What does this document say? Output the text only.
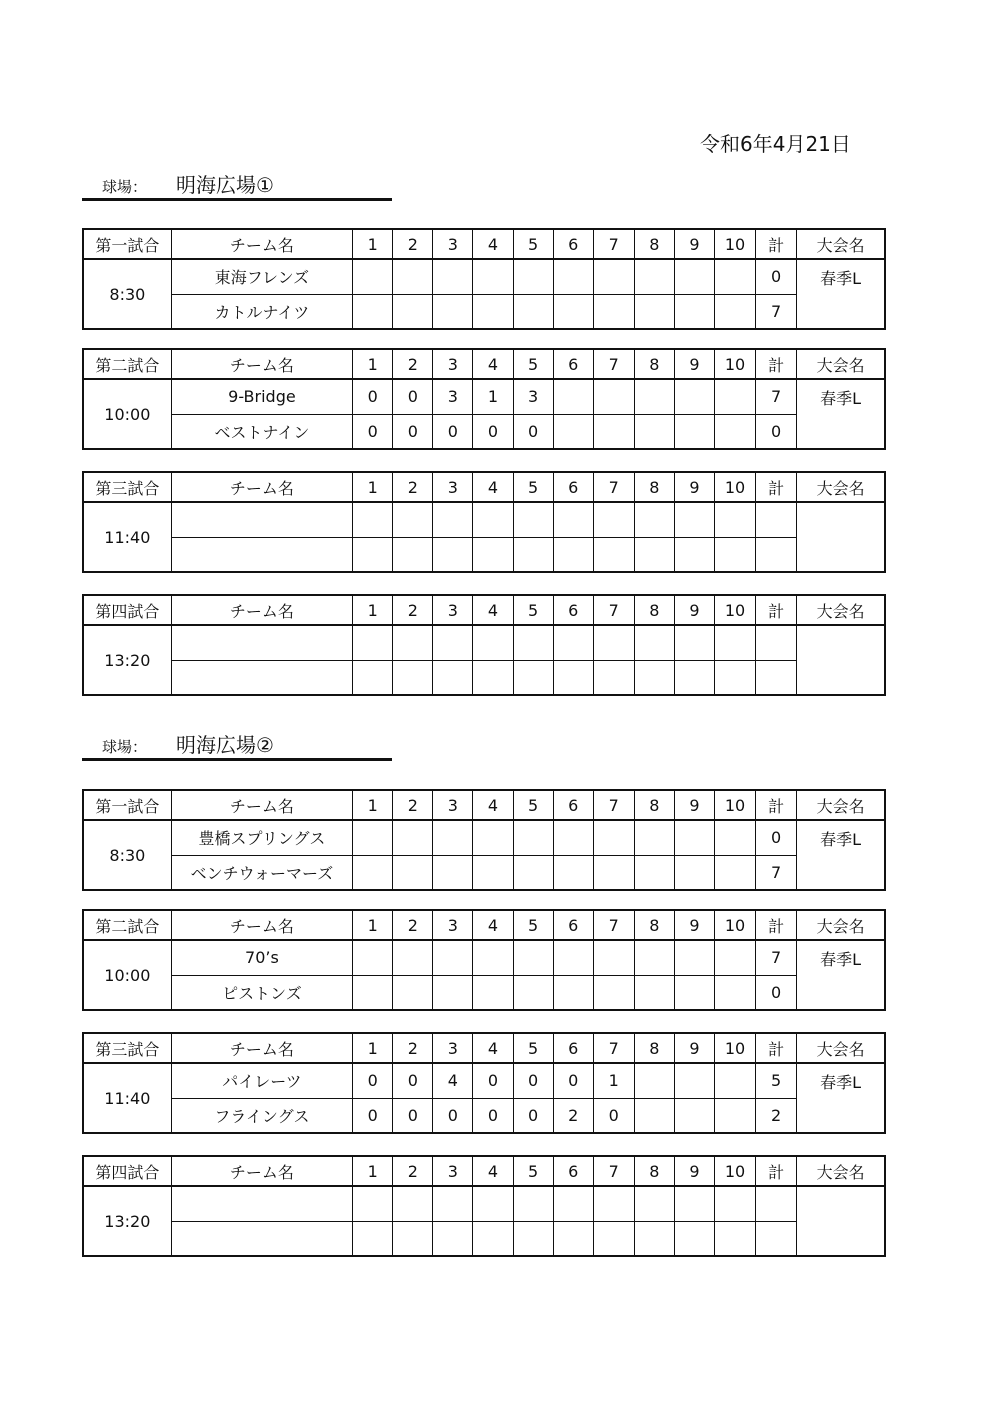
令和6年4月21日
球場： 明海広場①
第一試合	チーム名	1	2	3	4	5	6	7	8	9	10	計	大会名
8:30	東海フレンズ											0	春季L
	カトルナイツ											7	
第二試合	チーム名	1	2	3	4	5	6	7	8	9	10	計	大会名
10:00	9-Bridge	0	0	3	1	3						7	春季L
	ベストナイン	0	0	0	0	0						0	
第三試合	チーム名	1	2	3	4	5	6	7	8	9	10	計	大会名
11:40													

第四試合	チーム名	1	2	3	4	5	6	7	8	9	10	計	大会名
13:20													

球場： 明海広場②
第一試合	チーム名	1	2	3	4	5	6	7	8	9	10	計	大会名
8:30	豊橋スプリングス											0	春季L
	ベンチウォーマーズ											7	
第二試合	チーム名	1	2	3	4	5	6	7	8	9	10	計	大会名
10:00	70’s											7	春季L
	ピストンズ											0	
第三試合	チーム名	1	2	3	4	5	6	7	8	9	10	計	大会名
11:40	パイレーツ	0	0	4	0	0	0	1				5	春季L
	フライングス	0	0	0	0	0	2	0				2	
第四試合	チーム名	1	2	3	4	5	6	7	8	9	10	計	大会名
13:20													
